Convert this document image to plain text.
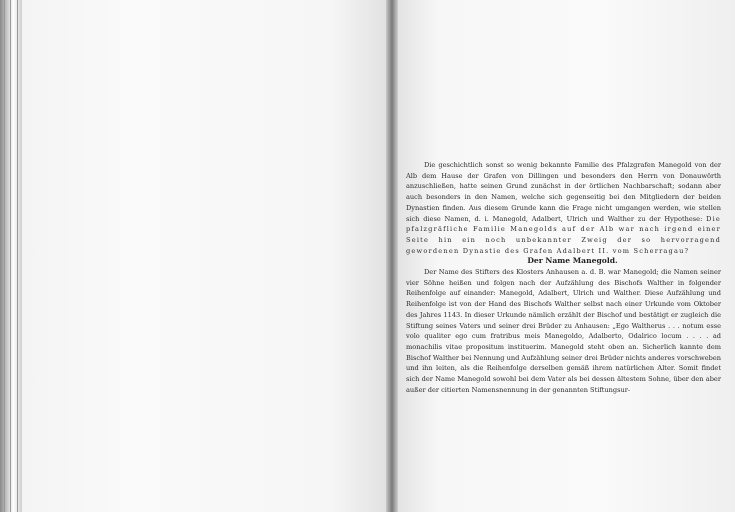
Die geschichtlich sonst so wenig bekannte Familie des Pfalzgrafen Manegold von der Alb dem Hause der Grafen von Dillingen und besonders den Herrn von Donauwörth anzuschließen, hatte seinen Grund zunächst in der örtlichen Nachbarschaft; sodann aber auch besonders in den Namen, welche sich gegenseitig bei den Mitgliedern der beiden Dynastien finden. Aus diesem Grunde kann die Frage nicht umgangen werden, wie stellen sich diese Namen, d. i. Manegold, Adalbert, Ulrich und Walther zu der Hypothese: Die pfalzgräfliche Familie Manegolds auf der Alb war nach irgend einer Seite hin ein noch unbekannter Zweig der so hervorragend gewordenen Dynastie des Grafen Adalbert II. vom Scherragau?

Der Name Manegold.

Der Name des Stifters des Klosters Anhausen a. d. B. war Manegold; die Namen seiner vier Söhne heißen und folgen nach der Aufzählung des Bischofs Walther in folgender Reihenfolge auf einander: Manegold, Adalbert, Ulrich und Walther. Diese Aufzählung und Reihenfolge ist von der Hand des Bischofs Walther selbst nach einer Urkunde vom Oktober des Jahres 1143. In dieser Urkunde nämlich erzählt der Bischof und bestätigt er zugleich die Stiftung seines Vaters und seiner drei Brüder zu Anhausen: „Ego Waltherus . . . notum esse volo qualiter ego cum fratribus meis Manegoldo, Adalberto, Odalrico locum . . . . ad monachilis vitae propositum instituerim. Manegold steht oben an. Sicherlich kannte dem Bischof Walther bei Nennung und Aufzählung seiner drei Brüder nichts anderes vorschweben und ihn leiten, als die Reihenfolge derselben gemäß ihrem natürlichen Alter. Somit findet sich der Name Manegold sowohl bei dem Vater als bei dessen ältestem Sohne, über den aber außer der citierten Namensnennung in der genannten Stiftungsur-
